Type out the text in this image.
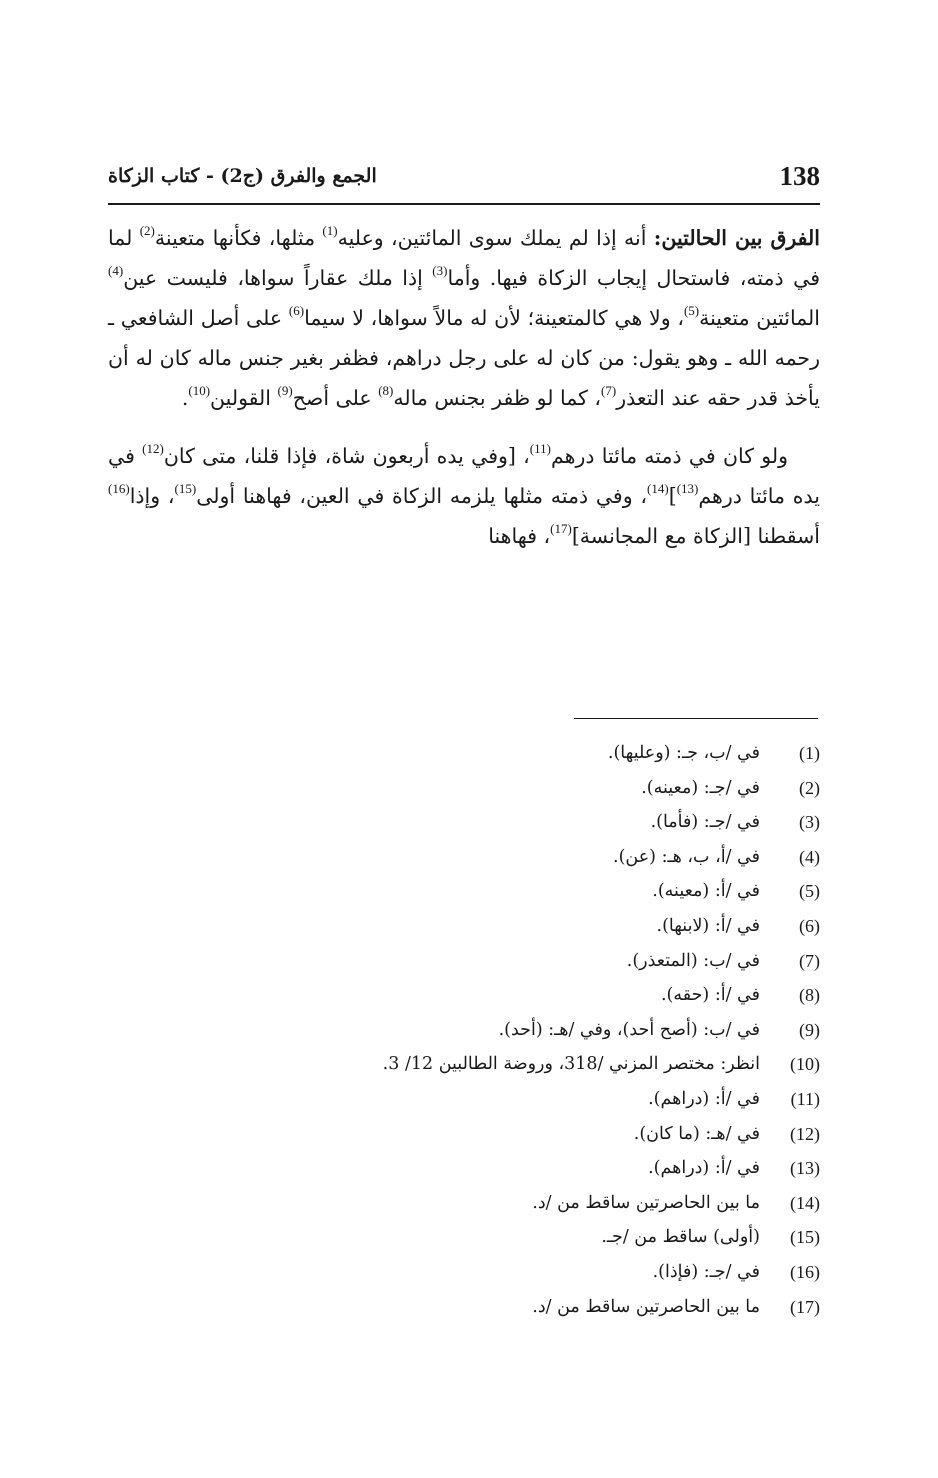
138
الجمع والفرق (ج2) - كتاب الزكاة

الفرق بين الحالتين: أنه إذا لم يملك سوى المائتين، وعليه$^{(1)}$ مثلها، فكأنها متعينة$^{(2)}$ لما في ذمته، فاستحال إيجاب الزكاة فيها. وأما$^{(3)}$ إذا ملك عقاراً سواها، فليست عين$^{(4)}$ المائتين متعينة$^{(5)}$، ولا هي كالمتعينة؛ لأن له مالاً سواها، لا سيما$^{(6)}$ على أصل الشافعي ـ رحمه الله ـ وهو يقول: من كان له على رجل دراهم، فظفر بغير جنس ماله كان له أن يأخذ قدر حقه عند التعذر$^{(7)}$، كما لو ظفر بجنس ماله$^{(8)}$ على أصح$^{(9)}$ القولين$^{(10)}$.

ولو كان في ذمته مائتا درهم$^{(11)}$، [وفي يده أربعون شاة، فإذا قلنا، متى كان$^{(12)}$ في يده مائتا درهم$^{(13)}$]$^{(14)}$، وفي ذمته مثلها يلزمه الزكاة في العين، فهاهنا أولى$^{(15)}$، وإذا$^{(16)}$ أسقطنا [الزكاة مع المجانسة]$^{(17)}$، فهاهنا

(1)
في /ب، جـ: (وعليها).
(2)
في /جـ: (معينه).
(3)
في /جـ: (فأما).
(4)
في /أ، ب، هـ: (عن).
(5)
في /أ: (معينه).
(6)
في /أ: (لابنها).
(7)
في /ب: (المتعذر).
(8)
في /أ: (حقه).
(9)
في /ب: (أصح أحد)، وفي /هـ: (أحد).
(10)
انظر: مختصر المزني /318، وروضة الطالبين 12/ 3.
(11)
في /أ: (دراهم).
(12)
في /هـ: (ما كان).
(13)
في /أ: (دراهم).
(14)
ما بين الحاصرتين ساقط من /د.
(15)
(أولى) ساقط من /جـ.
(16)
في /جـ: (فإذا).
(17)
ما بين الحاصرتين ساقط من /د.
